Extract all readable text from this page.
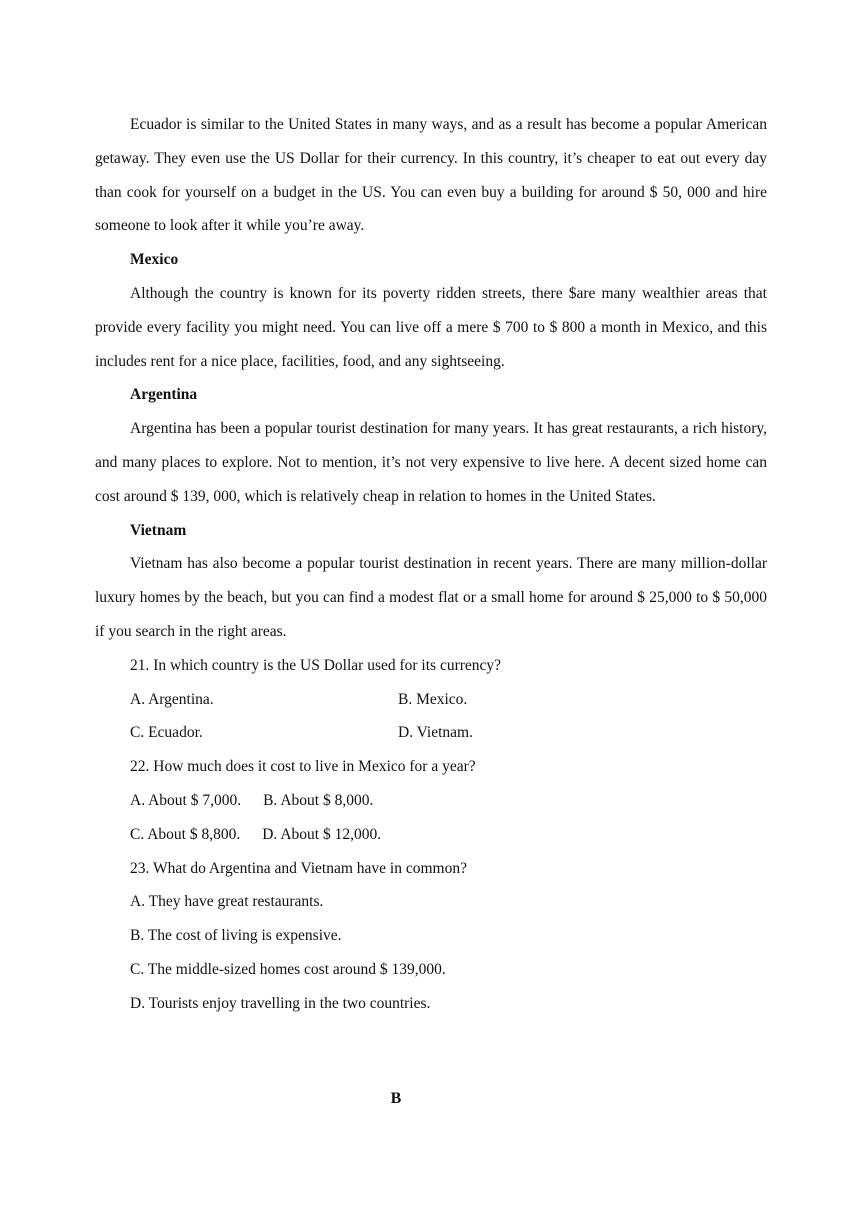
Ecuador is similar to the United States in many ways, and as a result has become a popular American getaway. They even use the US Dollar for their currency. In this country, it’s cheaper to eat out every day than cook for yourself on a budget in the US. You can even buy a building for around $ 50, 000 and hire someone to look after it while you’re away.

Mexico

Although the country is known for its poverty ridden streets, there $are many wealthier areas that provide every facility you might need. You can live off a mere $ 700 to $ 800 a month in Mexico, and this includes rent for a nice place, facilities, food, and any sightseeing.

Argentina

Argentina has been a popular tourist destination for many years. It has great restaurants, a rich history, and many places to explore. Not to mention, it’s not very expensive to live here. A decent sized home can cost around $ 139, 000, which is relatively cheap in relation to homes in the United States.

Vietnam

Vietnam has also become a popular tourist destination in recent years. There are many million-dollar luxury homes by the beach, but you can find a modest flat or a small home for around $ 25,000 to $ 50,000 if you search in the right areas.

21. In which country is the US Dollar used for its currency?

A. Argentina.	B. Mexico.
C. Ecuador.	D. Vietnam.

22. How much does it cost to live in Mexico for a year?

A. About $ 7,000. B. About $ 8,000.
C. About $ 8,800. D. About $ 12,000.

23. What do Argentina and Vietnam have in common?

A. They have great restaurants.

B. The cost of living is expensive.

C. The middle-sized homes cost around $ 139,000.

D. Tourists enjoy travelling in the two countries.

B
